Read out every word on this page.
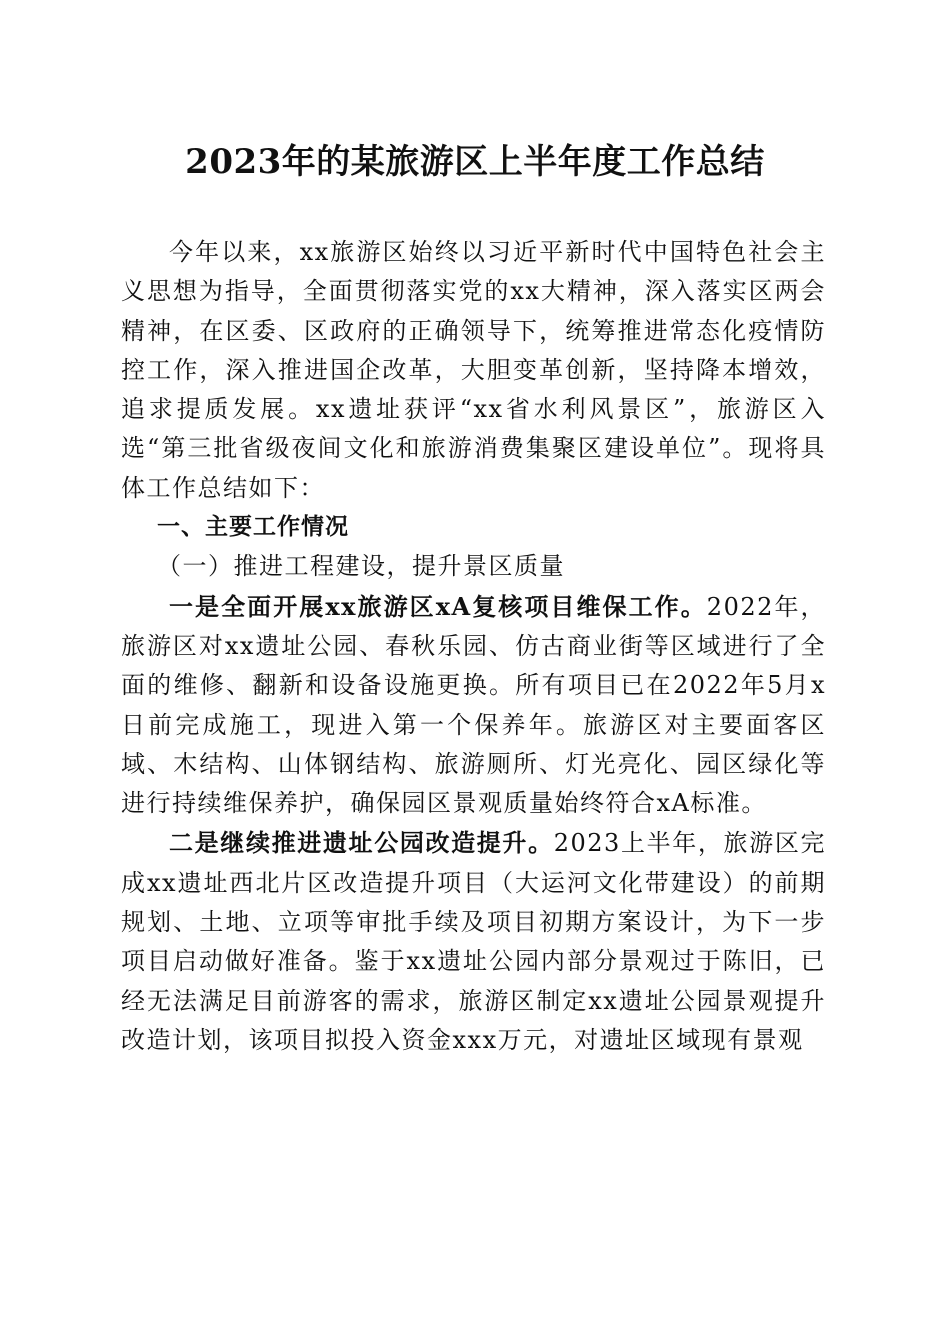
2023年的某旅游区上半年度工作总结

今年以来，xx旅游区始终以习近平新时代中国特色社会主义思想为指导，全面贯彻落实党的xx大精神，深入落实区两会精神，在区委、区政府的正确领导下，统筹推进常态化疫情防控工作，深入推进国企改革，大胆变革创新，坚持降本增效，追求提质发展。xx遗址获评“xx省水利风景区”，旅游区入选“第三批省级夜间文化和旅游消费集聚区建设单位”。现将具体工作总结如下：

一、主要工作情况

（一）推进工程建设，提升景区质量

一是全面开展xx旅游区xA复核项目维保工作。2022年，旅游区对xx遗址公园、春秋乐园、仿古商业街等区域进行了全面的维修、翻新和设备设施更换。所有项目已在2022年5月x日前完成施工，现进入第一个保养年。旅游区对主要面客区域、木结构、山体钢结构、旅游厕所、灯光亮化、园区绿化等进行持续维保养护，确保园区景观质量始终符合xA标准。

二是继续推进遗址公园改造提升。2023上半年，旅游区完成xx遗址西北片区改造提升项目（大运河文化带建设）的前期规划、土地、立项等审批手续及项目初期方案设计，为下一步项目启动做好准备。鉴于xx遗址公园内部分景观过于陈旧，已经无法满足目前游客的需求，旅游区制定xx遗址公园景观提升改造计划，该项目拟投入资金xxx万元，对遗址区域现有景观
